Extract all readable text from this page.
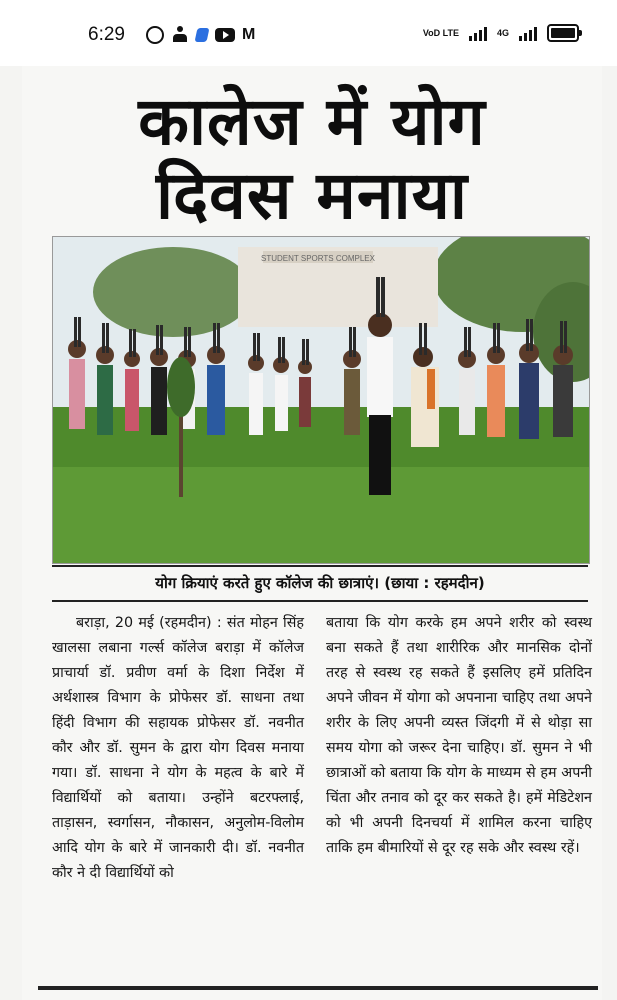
6:29	M	VoD LTE	4G
कालेज में योग
दिवस मनाया
STUDENT SPORTS COMPLEX
योग क्रियाएं करते हुए कॉलेज की छात्राएं। (छाया : रहमदीन)

बराड़ा, 20 मई (रहमदीन) : संत मोहन सिंह खालसा लबाना गर्ल्स कॉलेज बराड़ा में कॉलेज प्राचार्या डॉ. प्रवीण वर्मा के दिशा निर्देश में अर्थशास्त्र विभाग के प्रोफेसर डॉ. साधना तथा हिंदी विभाग की सहायक प्रोफेसर डॉ. नवनीत कौर और डॉ. सुमन के द्वारा योग दिवस मनाया गया। डॉ. साधना ने योग के महत्व के बारे में विद्यार्थियों को बताया। उन्होंने बटरफ्लाई, ताड़ासन, स्वर्गासन, नौकासन, अनुलोम-विलोम आदि योग के बारे में जानकारी दी। डॉ. नवनीत कौर ने दी विद्यार्थियों को

बताया कि योग करके हम अपने शरीर को स्वस्थ बना सकते हैं तथा शारीरिक और मानसिक दोनों तरह से स्वस्थ रह सकते हैं इसलिए हमें प्रतिदिन अपने जीवन में योगा को अपनाना चाहिए तथा अपने शरीर के लिए अपनी व्यस्त जिंदगी में से थोड़ा सा समय योगा को जरूर देना चाहिए। डॉ. सुमन ने भी छात्राओं को बताया कि योग के माध्यम से हम अपनी चिंता और तनाव को दूर कर सकते है। हमें मेडिटेशन को भी अपनी दिनचर्या में शामिल करना चाहिए ताकि हम बीमारियों से दूर रह सके और स्वस्थ रहें।
